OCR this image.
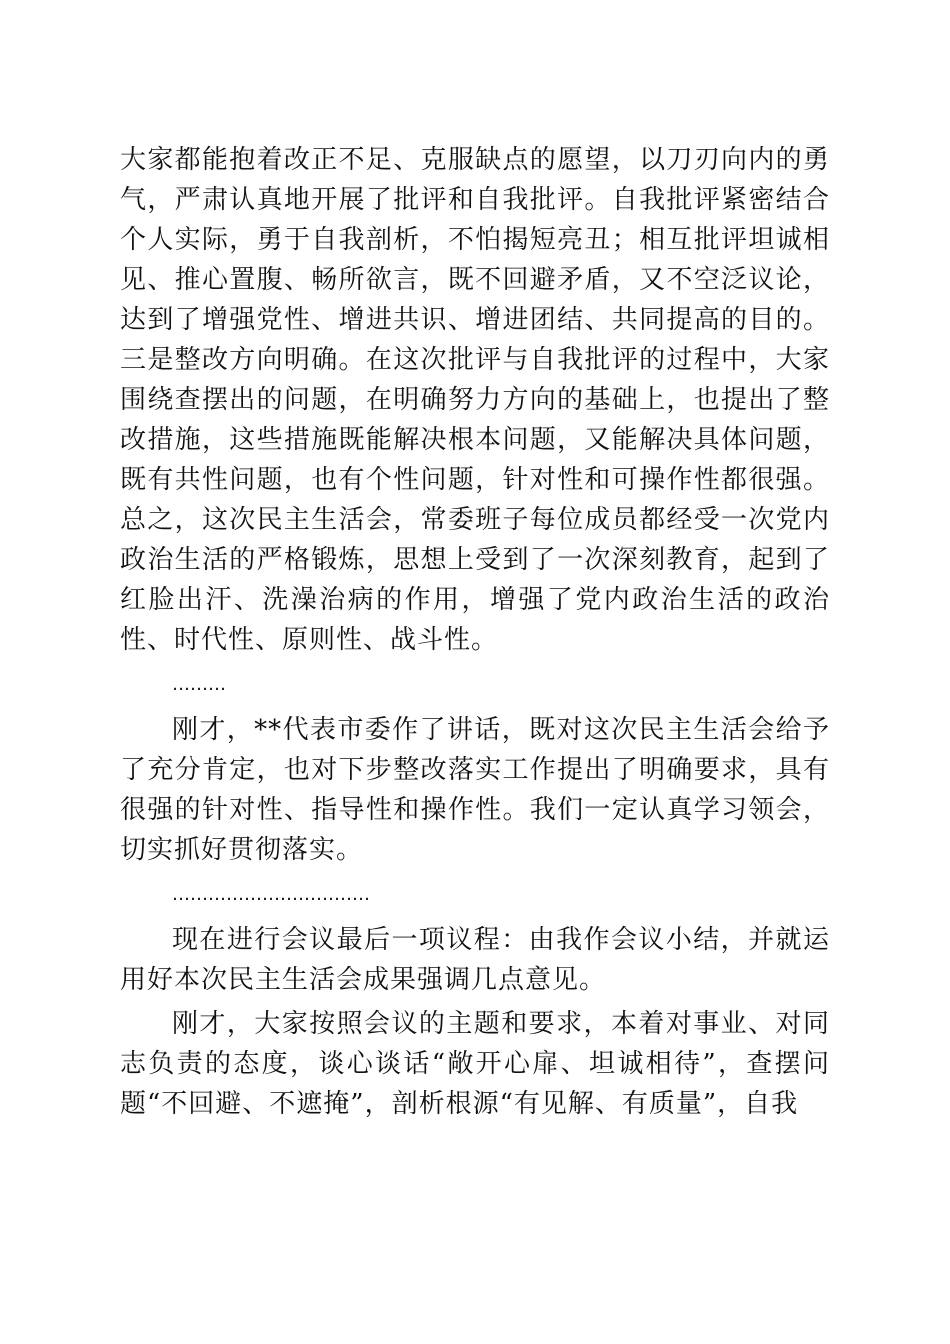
大家都能抱着改正不足、克服缺点的愿望，以刀刃向内的勇气，严肃认真地开展了批评和自我批评。自我批评紧密结合个人实际，勇于自我剖析，不怕揭短亮丑；相互批评坦诚相见、推心置腹、畅所欲言，既不回避矛盾，又不空泛议论，达到了增强党性、增进共识、增进团结、共同提高的目的。三是整改方向明确。在这次批评与自我批评的过程中，大家围绕查摆出的问题，在明确努力方向的基础上，也提出了整改措施，这些措施既能解决根本问题，又能解决具体问题，既有共性问题，也有个性问题，针对性和可操作性都很强。总之，这次民主生活会，常委班子每位成员都经受一次党内政治生活的严格锻炼，思想上受到了一次深刻教育，起到了红脸出汗、洗澡治病的作用，增强了党内政治生活的政治性、时代性、原则性、战斗性。

………

刚才，**代表市委作了讲话，既对这次民主生活会给予了充分肯定，也对下步整改落实工作提出了明确要求，具有很强的针对性、指导性和操作性。我们一定认真学习领会，切实抓好贯彻落实。

……………………………

现在进行会议最后一项议程：由我作会议小结，并就运用好本次民主生活会成果强调几点意见。

刚才，大家按照会议的主题和要求，本着对事业、对同志负责的态度，谈心谈话“敞开心扉、坦诚相待”，查摆问题“不回避、不遮掩”，剖析根源“有见解、有质量”，自我
